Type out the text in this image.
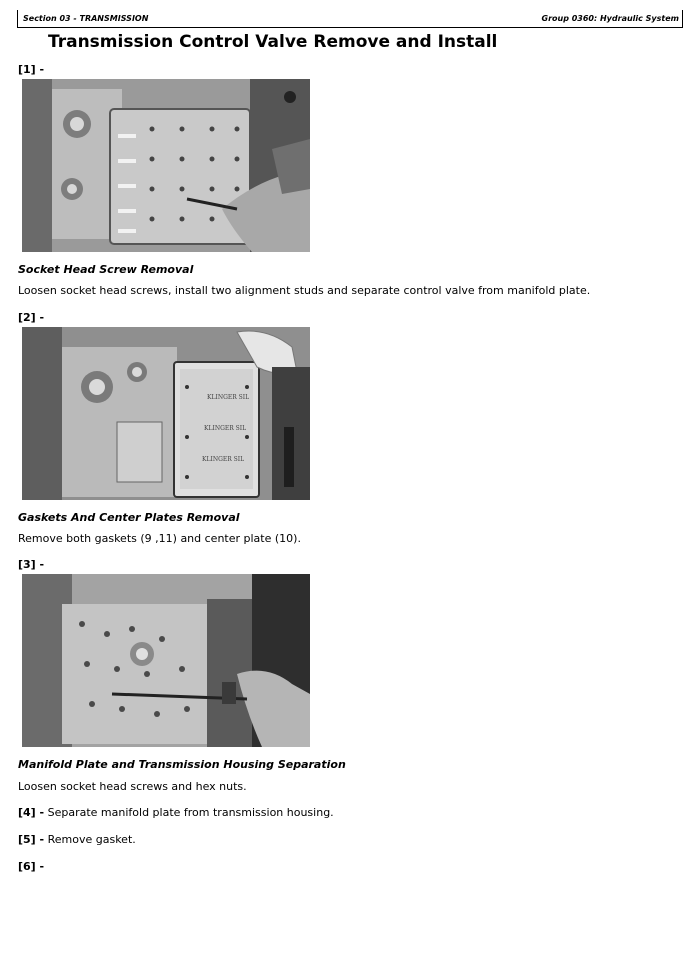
Section 03 - TRANSMISSION	Group 0360: Hydraulic System
Transmission Control Valve Remove and Install
[1] -
Socket Head Screw Removal
Loosen socket head screws, install two alignment studs and separate control valve from manifold plate.
[2] -
KLINGER SIL
KLINGER SIL
KLINGER SIL
Gaskets And Center Plates Removal
Remove both gaskets (9 ,11) and center plate (10).
[3] -
Manifold Plate and Transmission Housing Separation
Loosen socket head screws and hex nuts.
[4] - Separate manifold plate from transmission housing.
[5] - Remove gasket.
[6] -
